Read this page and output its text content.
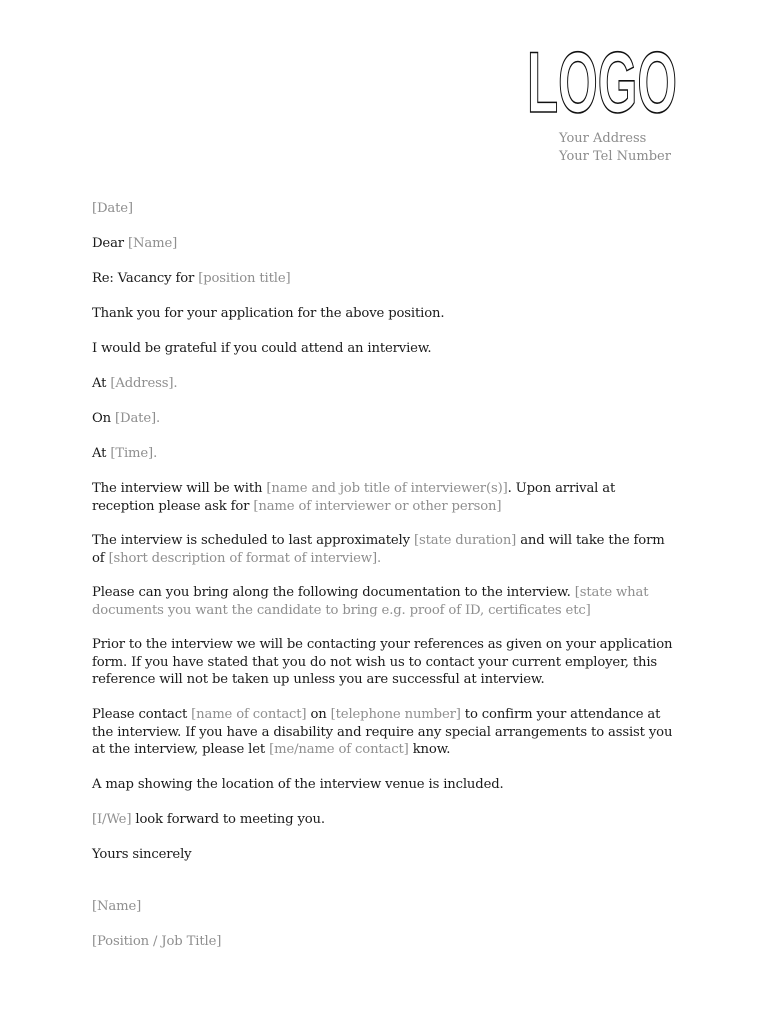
LOGO
Your Address
Your Tel Number

[Date]

Dear [Name]

Re: Vacancy for [position title]

Thank you for your application for the above position.

I would be grateful if you could attend an interview.

At [Address].

On [Date].

At [Time].

The interview will be with [name and job title of interviewer(s)]. Upon arrival at reception please ask for [name of interviewer or other person]

The interview is scheduled to last approximately [state duration] and will take the form of [short description of format of interview].

Please can you bring along the following documentation to the interview. [state what documents you want the candidate to bring e.g. proof of ID, certificates etc]

Prior to the interview we will be contacting your references as given on your application form. If you have stated that you do not wish us to contact your current employer, this reference will not be taken up unless you are successful at interview.

Please contact [name of contact] on [telephone number] to confirm your attendance at the interview. If you have a disability and require any special arrangements to assist you at the interview, please let [me/name of contact] know.

A map showing the location of the interview venue is included.

[I/We] look forward to meeting you.

Yours sincerely

[Name]

[Position / Job Title]
